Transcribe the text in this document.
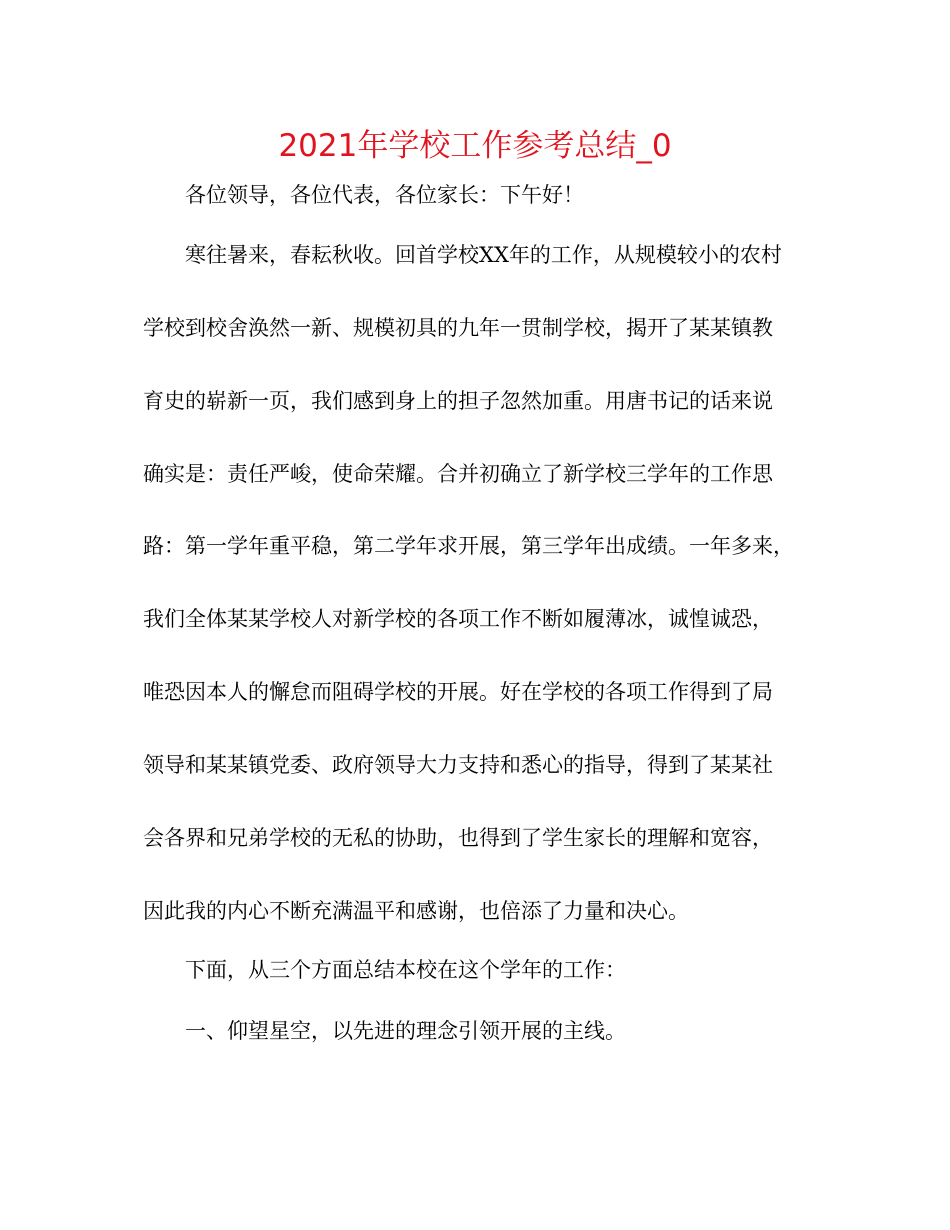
2021年学校工作参考总结_0

各位领导，各位代表，各位家长：下午好！

寒往暑来，春耘秋收。回首学校XX年的工作，从规模较小的农村

学校到校舍涣然一新、规模初具的九年一贯制学校，揭开了某某镇教

育史的崭新一页，我们感到身上的担子忽然加重。用唐书记的话来说

确实是：责任严峻，使命荣耀。合并初确立了新学校三学年的工作思

路：第一学年重平稳，第二学年求开展，第三学年出成绩。一年多来，

我们全体某某学校人对新学校的各项工作不断如履薄冰，诚惶诚恐，

唯恐因本人的懈怠而阻碍学校的开展。好在学校的各项工作得到了局

领导和某某镇党委、政府领导大力支持和悉心的指导，得到了某某社

会各界和兄弟学校的无私的协助，也得到了学生家长的理解和宽容，

因此我的内心不断充满温平和感谢，也倍添了力量和决心。

下面，从三个方面总结本校在这个学年的工作：

一、仰望星空，以先进的理念引领开展的主线。
